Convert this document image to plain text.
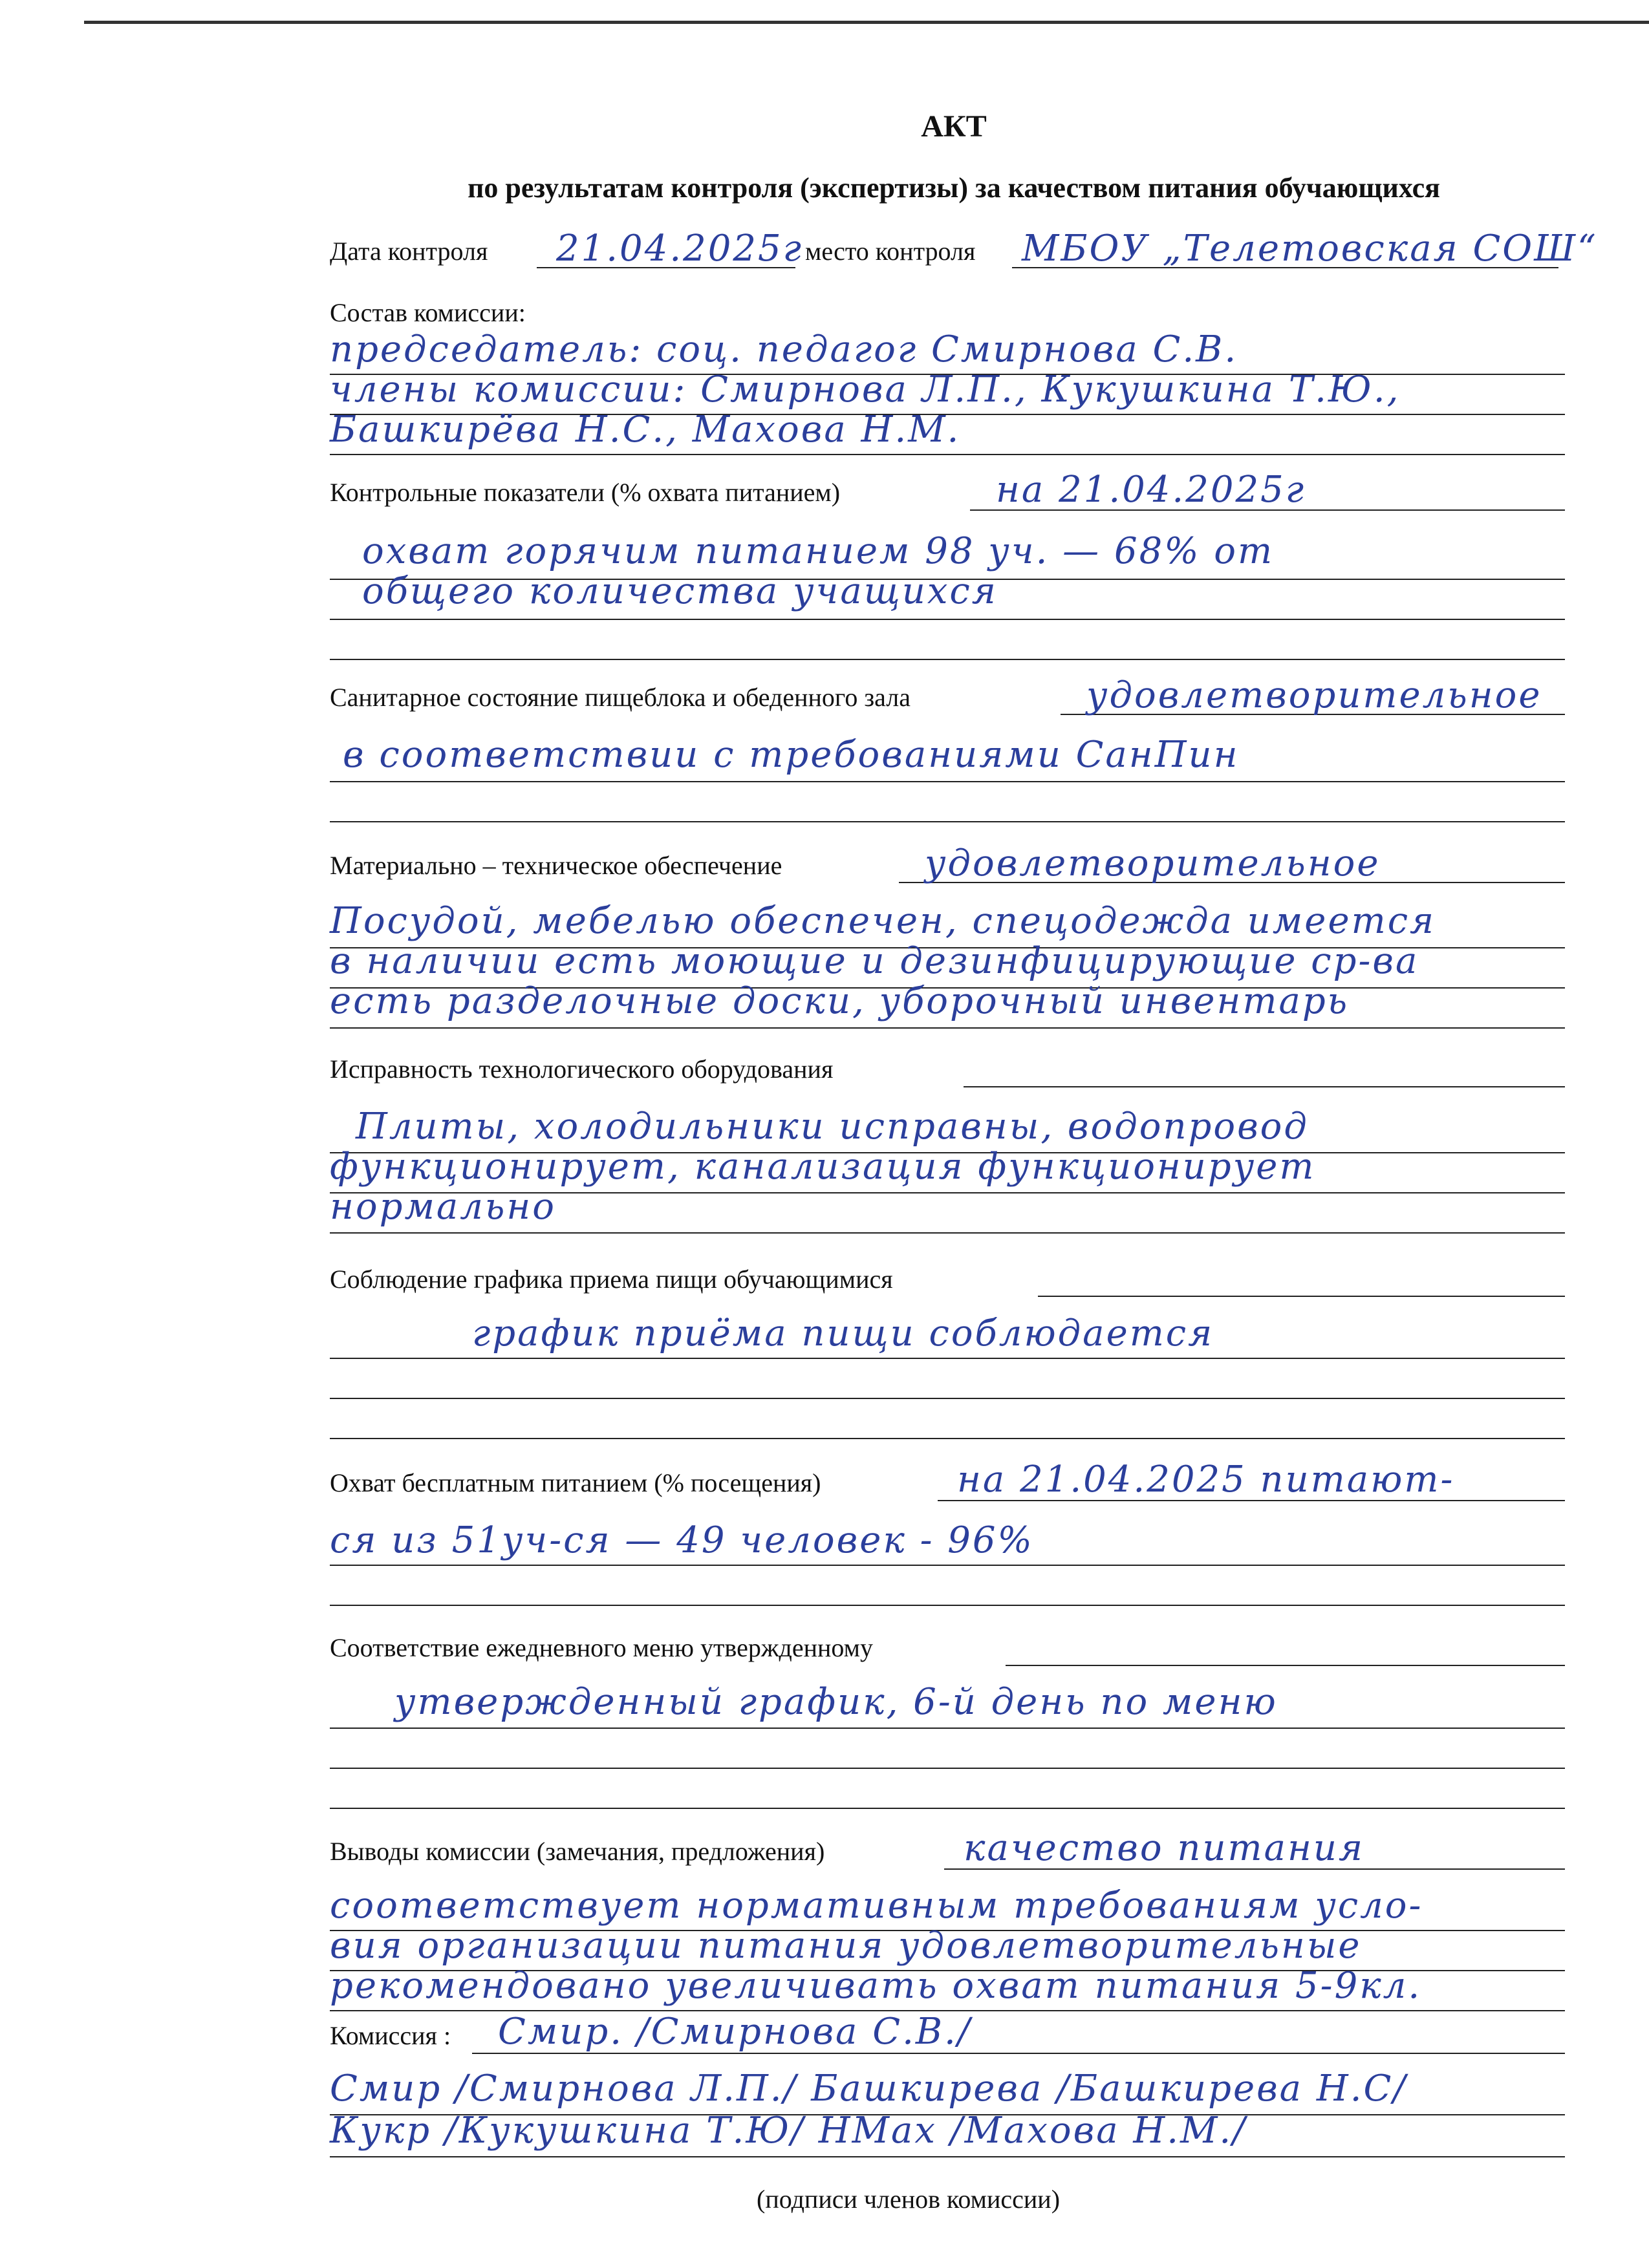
АКТ
по результатам контроля (экспертизы) за качеством питания обучающихся
Дата контроля 21.04.2025г место контроля МБОУ „Телетовская СОШ“
Состав комиссии:
председатель: соц. педагог Смирнова С.В.
члены комиссии: Смирнова Л.П., Кукушкина Т.Ю.,
Башкирёва Н.С., Махова Н.М.
Контрольные показатели (% охвата питанием)	на 21.04.2025г
охват горячим питанием 98 уч. — 68% от
общего количества учащихся
Санитарное состояние пищеблока и обеденного зала	удовлетворительное
в соответствии с требованиями СанПин
Материально – техническое обеспечение	удовлетворительное
Посудой, мебелью обеспечен, спецодежда имеется
в наличии есть моющие и дезинфицирующие ср-ва
есть разделочные доски, уборочный инвентарь
Исправность технологического оборудования
Плиты, холодильники исправны, водопровод
функционирует, канализация функционирует
нормально
Соблюдение графика приема пищи обучающимися
график приёма пищи соблюдается
Охват бесплатным питанием (% посещения)	на 21.04.2025 питают-
ся из 51уч-ся — 49 человек - 96%
Соответствие ежедневного меню утвержденному
утвержденный график, 6-й день по меню
Выводы комиссии (замечания, предложения)	качество питания
соответствует нормативным требованиям усло-
вия организации питания удовлетворительные
рекомендовано увеличивать охват питания 5-9кл.
Комиссия : Смир. /Смирнова С.В./
Смир /Смирнова Л.П./ Башкирева /Башкирева Н.С/
Кукр /Кукушкина Т.Ю/ НМах /Махова Н.М./
(подписи членов комиссии)
